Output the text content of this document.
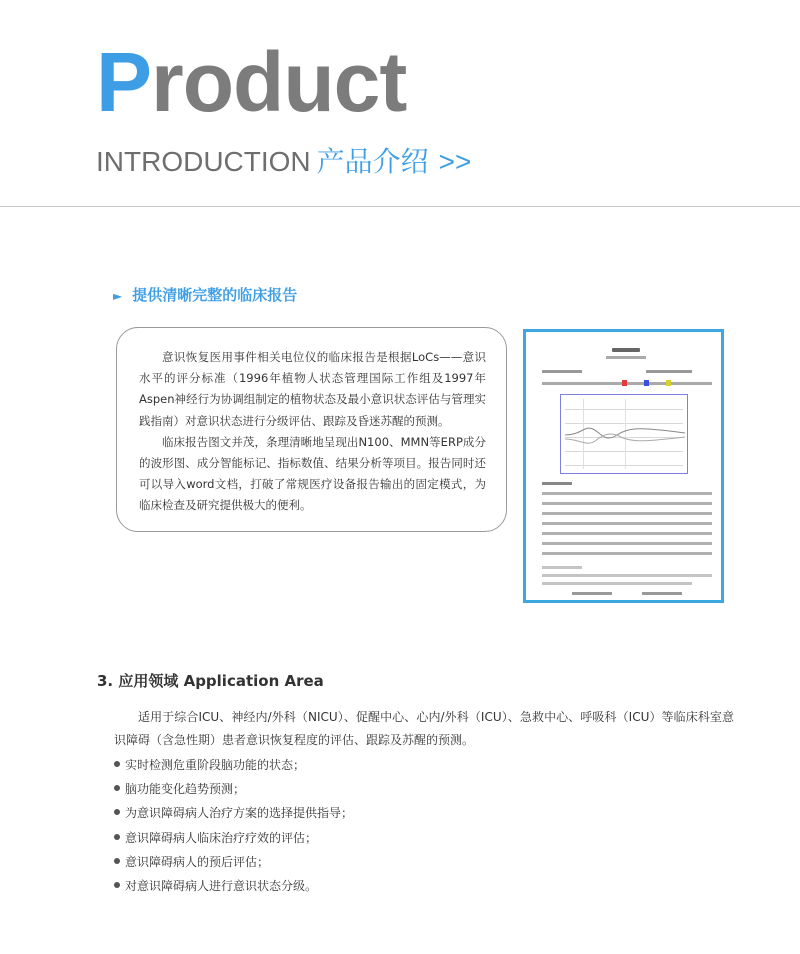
Product
INTRODUCTION 产品介绍 >>
► 提供清晰完整的临床报告

意识恢复医用事件相关电位仪的临床报告是根据LoCs——意识水平的评分标准（1996年植物人状态管理国际工作组及1997年Aspen神经行为协调组制定的植物状态及最小意识状态评估与管理实践指南）对意识状态进行分级评估、跟踪及昏迷苏醒的预测。

临床报告图文并茂，条理清晰地呈现出N100、MMN等ERP成分的波形图、成分智能标记、指标数值、结果分析等项目。报告同时还可以导入word文档，打破了常规医疗设备报告输出的固定模式，为临床检查及研究提供极大的便利。

3. 应用领域 Application Area

适用于综合ICU、神经内/外科（NICU）、促醒中心、心内/外科（ICU）、急救中心、呼吸科（ICU）等临床科室意识障碍（含急性期）患者意识恢复程度的评估、跟踪及苏醒的预测。

实时检测危重阶段脑功能的状态；
脑功能变化趋势预测；
为意识障碍病人治疗方案的选择提供指导；
意识障碍病人临床治疗疗效的评估；
意识障碍病人的预后评估；
对意识障碍病人进行意识状态分级。
